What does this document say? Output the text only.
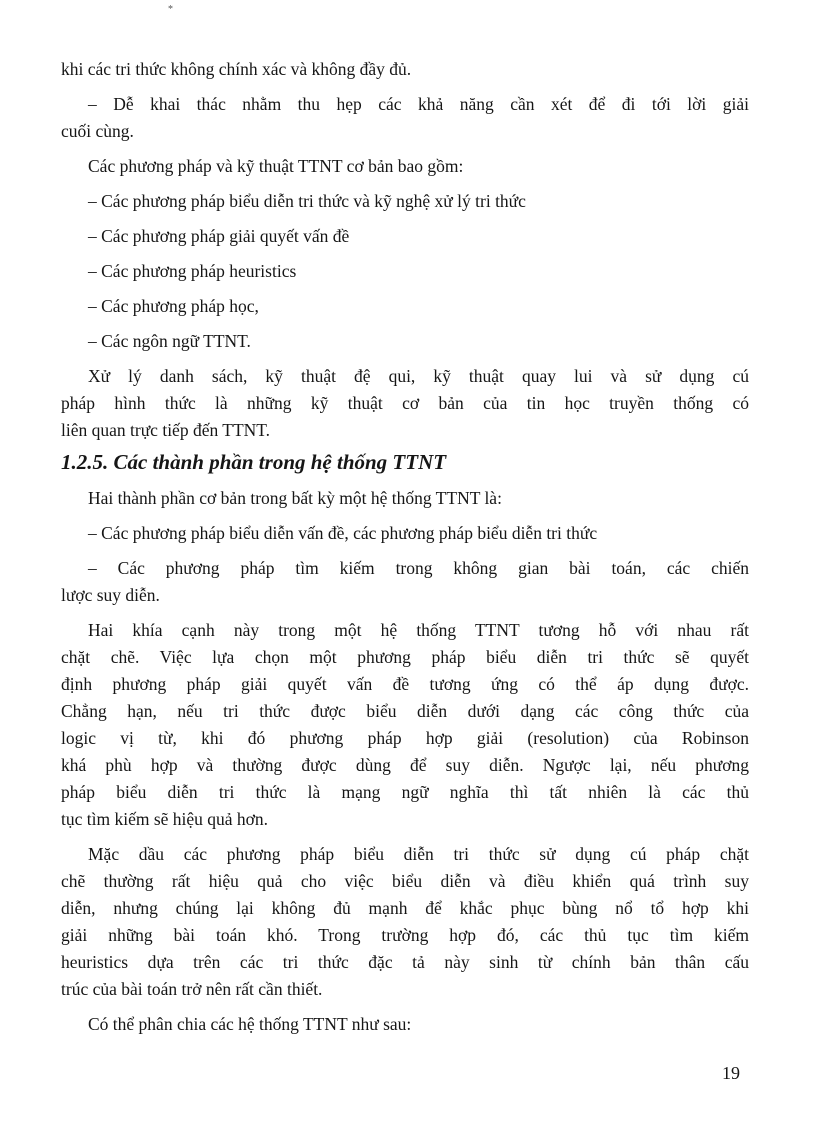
*
khi các tri thức không chính xác và không đầy đủ.
– Dễ khai thác nhằm thu hẹp các khả năng cần xét để đi tới lời giải
cuối cùng.
Các phương pháp và kỹ thuật TTNT cơ bản bao gồm:
– Các phương pháp biểu diễn tri thức và kỹ nghệ xử lý tri thức
– Các phương pháp giải quyết vấn đề
– Các phương pháp heuristics
– Các phương pháp học,
– Các ngôn ngữ TTNT.
Xử lý danh sách, kỹ thuật đệ qui, kỹ thuật quay lui và sử dụng cú
pháp hình thức là những kỹ thuật cơ bản của tin học truyền thống có
liên quan trực tiếp đến TTNT.
1.2.5. Các thành phần trong hệ thống TTNT
Hai thành phần cơ bản trong bất kỳ một hệ thống TTNT là:
– Các phương pháp biểu diễn vấn đề, các phương pháp biểu diễn tri thức
– Các phương pháp tìm kiếm trong không gian bài toán, các chiến
lược suy diễn.
Hai khía cạnh này trong một hệ thống TTNT tương hỗ với nhau rất
chặt chẽ. Việc lựa chọn một phương pháp biểu diễn tri thức sẽ quyết
định phương pháp giải quyết vấn đề tương ứng có thể áp dụng được.
Chẳng hạn, nếu tri thức được biểu diễn dưới dạng các công thức của
logic vị từ, khi đó phương pháp hợp giải (resolution) của Robinson
khá phù hợp và thường được dùng để suy diễn. Ngược lại, nếu phương
pháp biểu diễn tri thức là mạng ngữ nghĩa thì tất nhiên là các thủ
tục tìm kiếm sẽ hiệu quả hơn.
Mặc dầu các phương pháp biểu diễn tri thức sử dụng cú pháp chặt
chẽ thường rất hiệu quả cho việc biểu diễn và điều khiển quá trình suy
diễn, nhưng chúng lại không đủ mạnh để khắc phục bùng nổ tổ hợp khi
giải những bài toán khó. Trong trường hợp đó, các thủ tục tìm kiếm
heuristics dựa trên các tri thức đặc tả này sinh từ chính bản thân cấu
trúc của bài toán trở nên rất cần thiết.
Có thể phân chia các hệ thống TTNT như sau:
19
